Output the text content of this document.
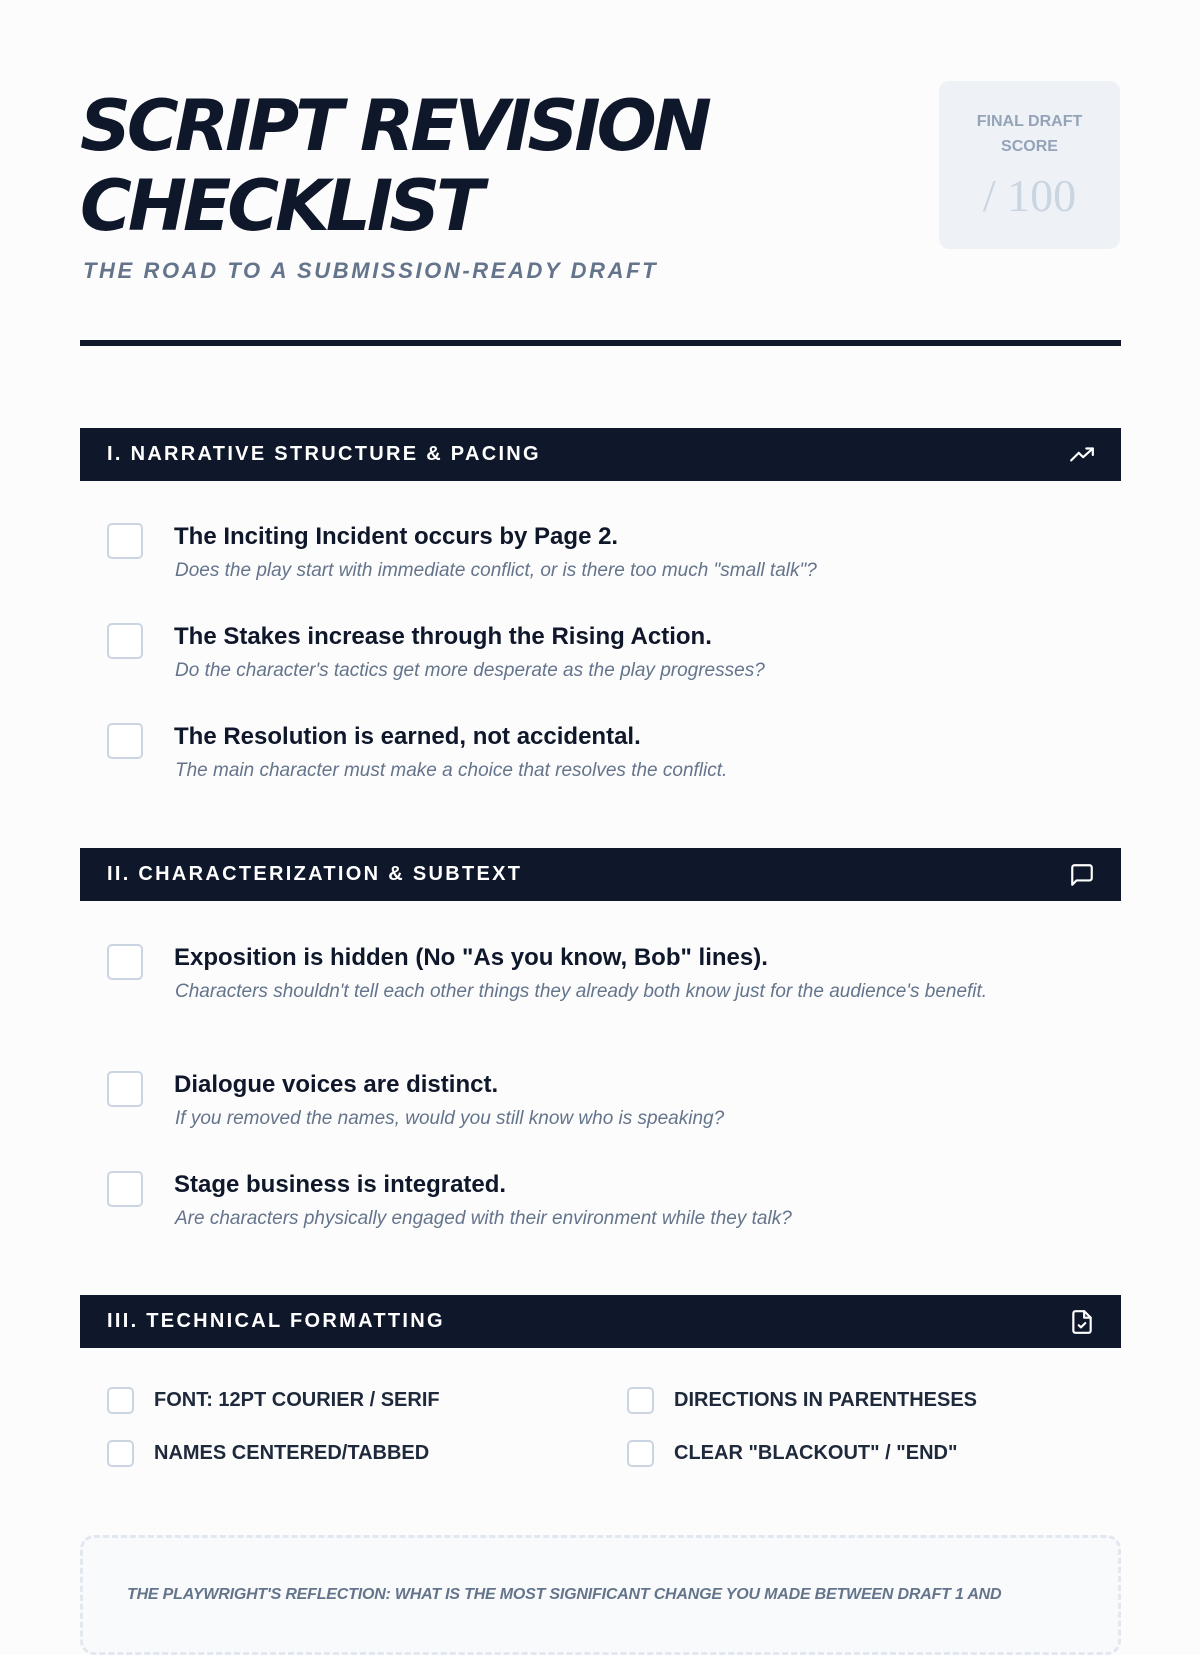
SCRIPT REVISION
CHECKLIST
THE ROAD TO A SUBMISSION-READY DRAFT
FINAL DRAFT SCORE
/ 100
I. NARRATIVE STRUCTURE & PACING
The Inciting Incident occurs by Page 2.
Does the play start with immediate conflict, or is there too much "small talk"?
The Stakes increase through the Rising Action.
Do the character's tactics get more desperate as the play progresses?
The Resolution is earned, not accidental.
The main character must make a choice that resolves the conflict.
II. CHARACTERIZATION & SUBTEXT
Exposition is hidden (No "As you know, Bob" lines).
Characters shouldn't tell each other things they already both know just for the audience's benefit.
Dialogue voices are distinct.
If you removed the names, would you still know who is speaking?
Stage business is integrated.
Are characters physically engaged with their environment while they talk?
III. TECHNICAL FORMATTING
FONT: 12PT COURIER / SERIF	DIRECTIONS IN PARENTHESES
NAMES CENTERED/TABBED	CLEAR "BLACKOUT" / "END"
THE PLAYWRIGHT'S REFLECTION: WHAT IS THE MOST SIGNIFICANT CHANGE YOU MADE BETWEEN DRAFT 1 AND
